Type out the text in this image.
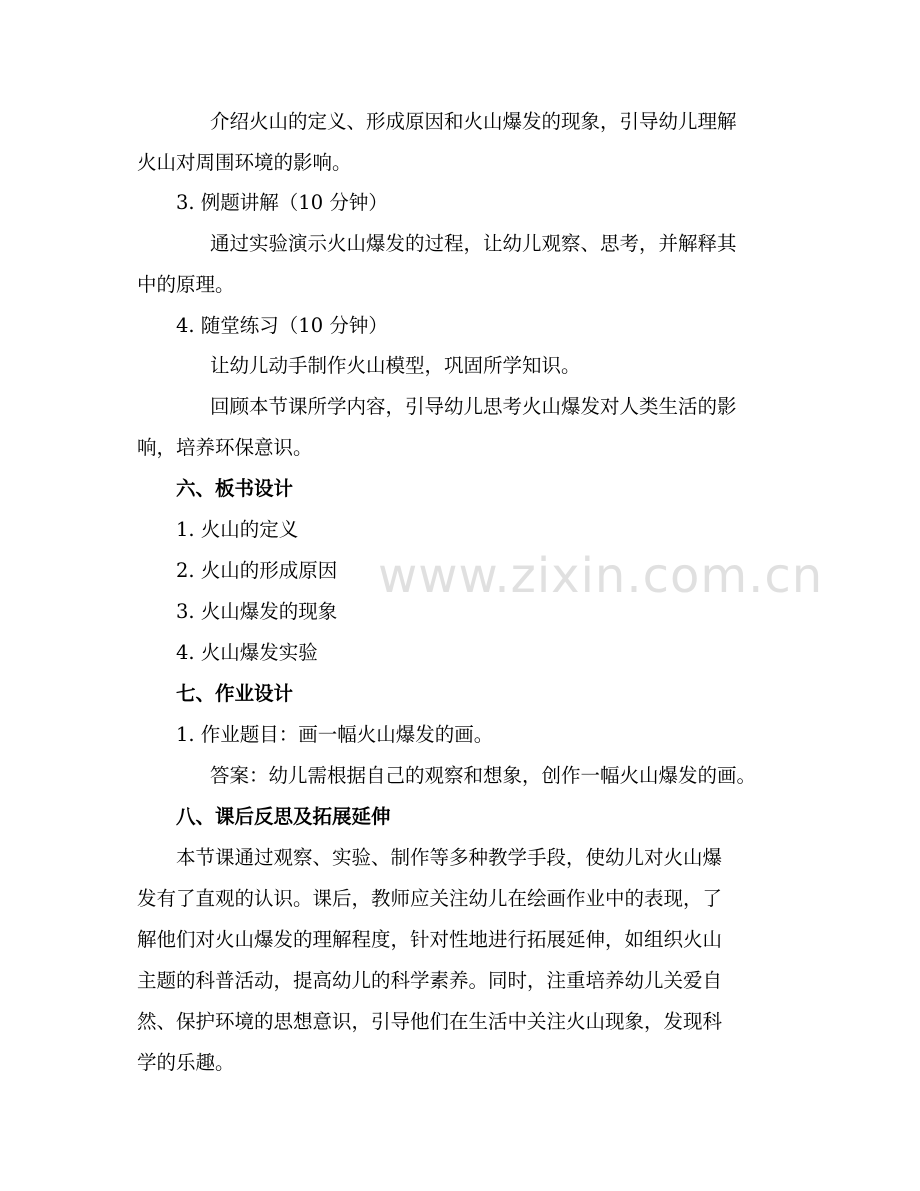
www.zixin.com.cn
介绍火山的定义、形成原因和火山爆发的现象，引导幼儿理解
火山对周围环境的影响。
3. 例题讲解（10 分钟）
通过实验演示火山爆发的过程，让幼儿观察、思考，并解释其
中的原理。
4. 随堂练习（10 分钟）
让幼儿动手制作火山模型，巩固所学知识。
回顾本节课所学内容，引导幼儿思考火山爆发对人类生活的影
响，培养环保意识。
六、板书设计
1. 火山的定义
2. 火山的形成原因
3. 火山爆发的现象
4. 火山爆发实验
七、作业设计
1. 作业题目：画一幅火山爆发的画。
答案：幼儿需根据自己的观察和想象，创作一幅火山爆发的画。
八、课后反思及拓展延伸
本节课通过观察、实验、制作等多种教学手段，使幼儿对火山爆
发有了直观的认识。课后，教师应关注幼儿在绘画作业中的表现，了
解他们对火山爆发的理解程度，针对性地进行拓展延伸，如组织火山
主题的科普活动，提高幼儿的科学素养。同时，注重培养幼儿关爱自
然、保护环境的思想意识，引导他们在生活中关注火山现象，发现科
学的乐趣。
